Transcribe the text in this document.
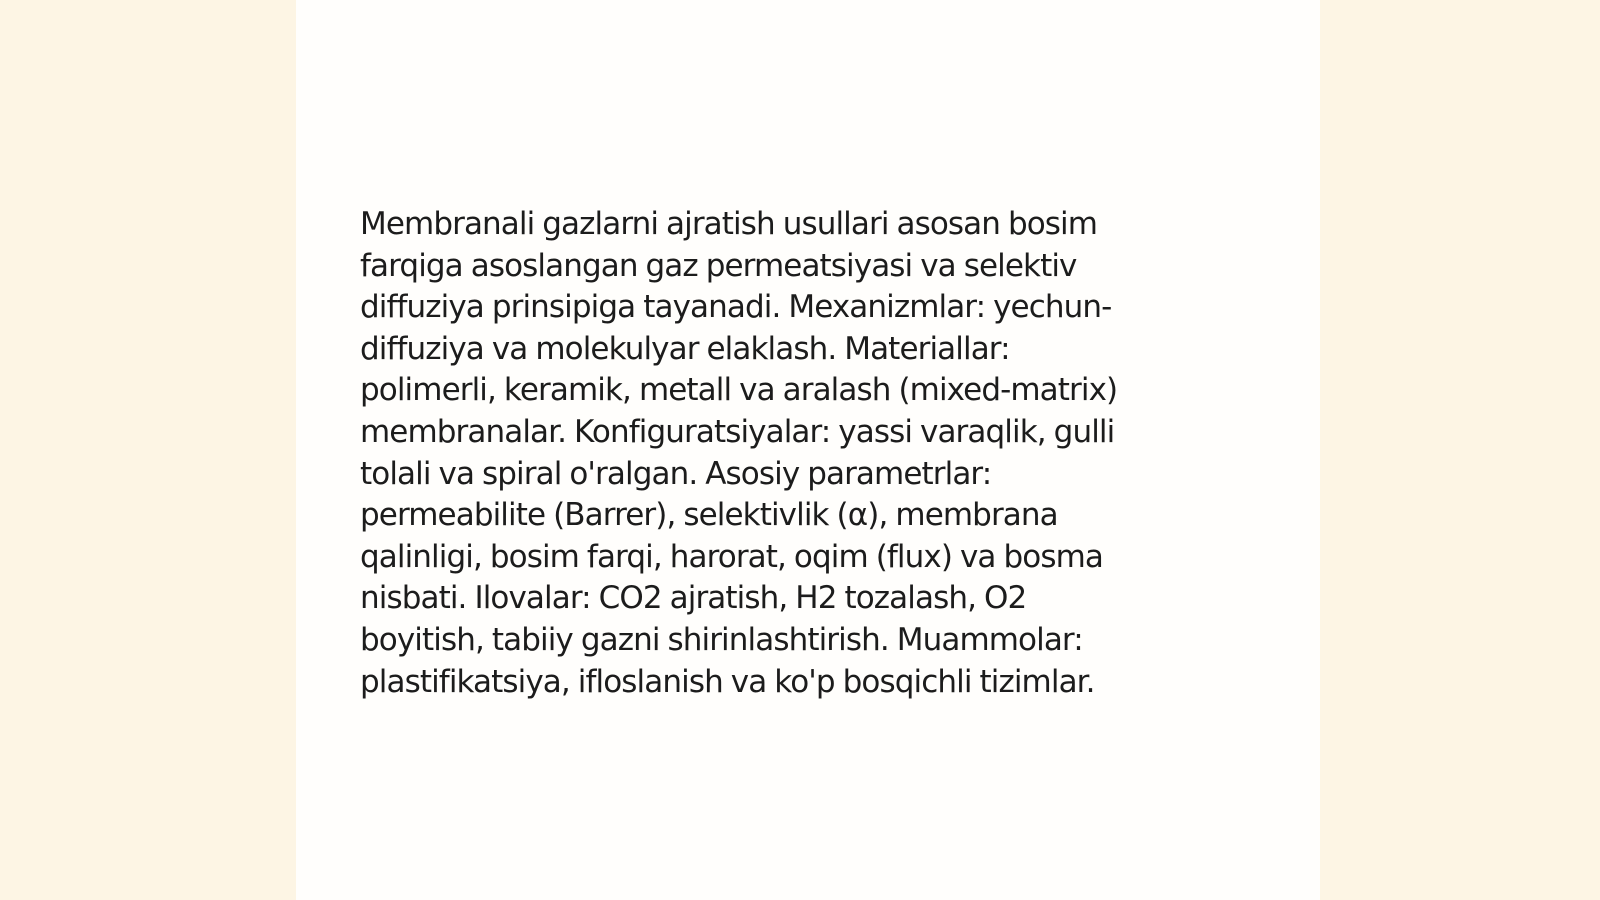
Membranali gazlarni ajratish usullari asosan bosim
farqiga asoslangan gaz permeatsiyasi va selektiv
diffuziya prinsipiga tayanadi. Mexanizmlar: yechun-
diffuziya va molekulyar elaklash. Materiallar:
polimerli, keramik, metall va aralash (mixed-matrix)
membranalar. Konfiguratsiyalar: yassi varaqlik, gulli
tolali va spiral o'ralgan. Asosiy parametrlar:
permeabilite (Barrer), selektivlik (α), membrana
qalinligi, bosim farqi, harorat, oqim (flux) va bosma
nisbati. Ilovalar: CO2 ajratish, H2 tozalash, O2
boyitish, tabiiy gazni shirinlashtirish. Muammolar:
plastifikatsiya, ifloslanish va ko'p bosqichli tizimlar.
